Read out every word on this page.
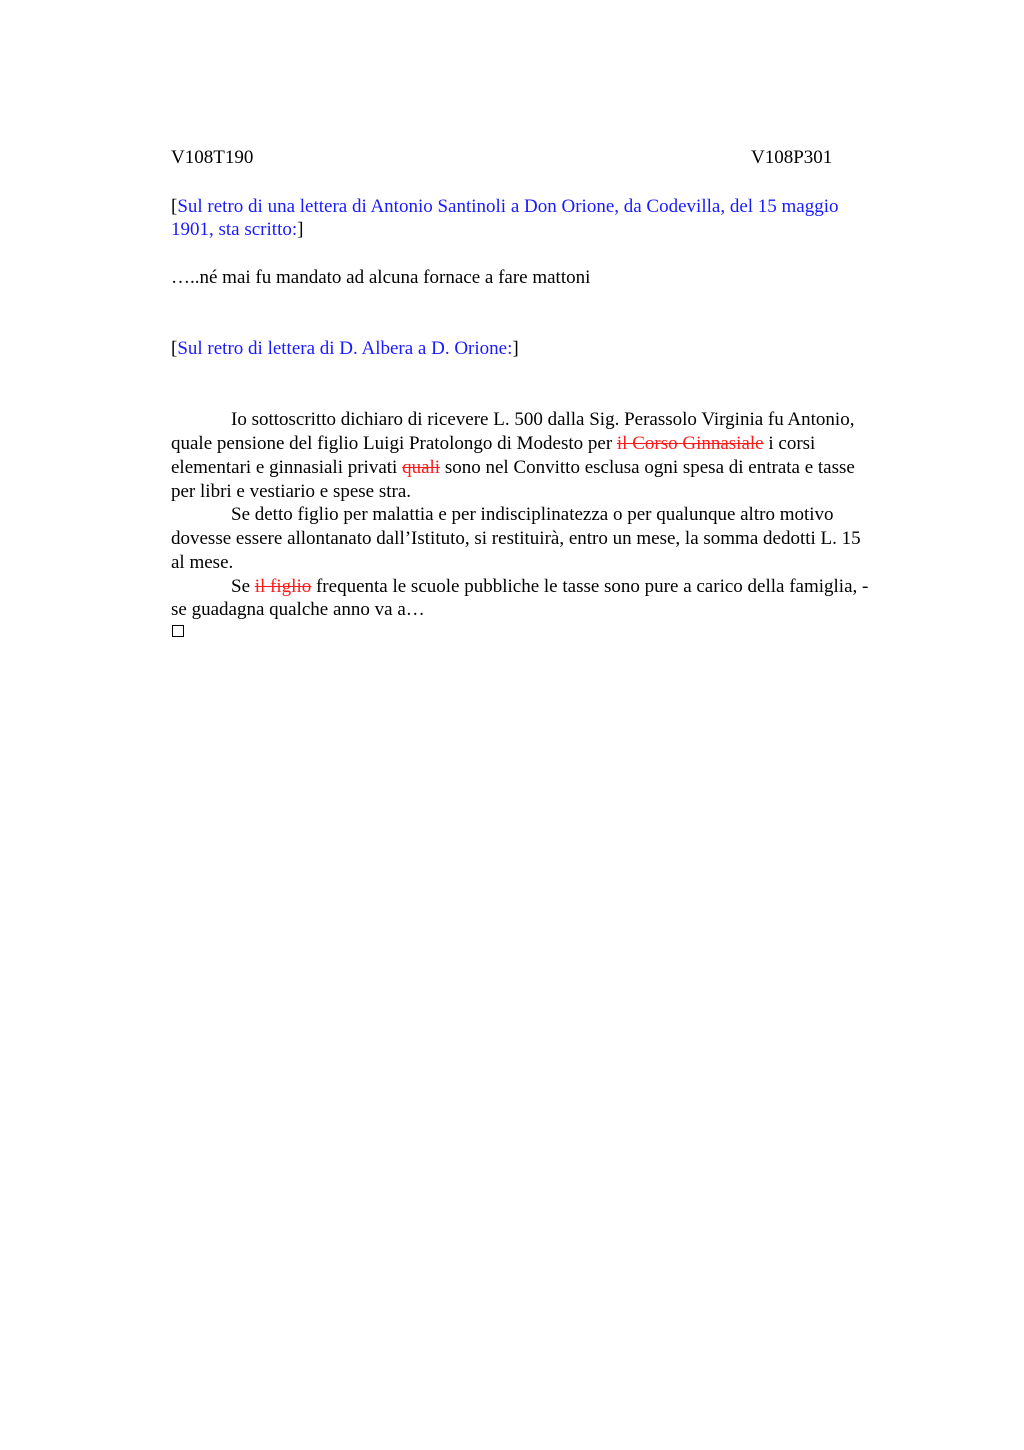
V108T190	V108P301
[Sul retro di una lettera di Antonio Santinoli a Don Orione, da Codevilla, del 15 maggio
1901, sta scritto:]
…..né mai fu mandato ad alcuna fornace a fare mattoni
[Sul retro di lettera di D. Albera a D. Orione:]
Io sottoscritto dichiaro di ricevere L. 500 dalla Sig. Perassolo Virginia fu Antonio,
quale pensione del figlio Luigi Pratolongo di Modesto per il Corso Ginnasiale i corsi
elementari e ginnasiali privati quali sono nel Convitto esclusa ogni spesa di entrata e tasse
per libri e vestiario e spese stra.
Se detto figlio per malattia e per indisciplinatezza o per qualunque altro motivo
dovesse essere allontanato dall’Istituto, si restituirà, entro un mese, la somma dedotti L. 15
al mese.
Se il figlio frequenta le scuole pubbliche le tasse sono pure a carico della famiglia, -
se guadagna qualche anno va a…
